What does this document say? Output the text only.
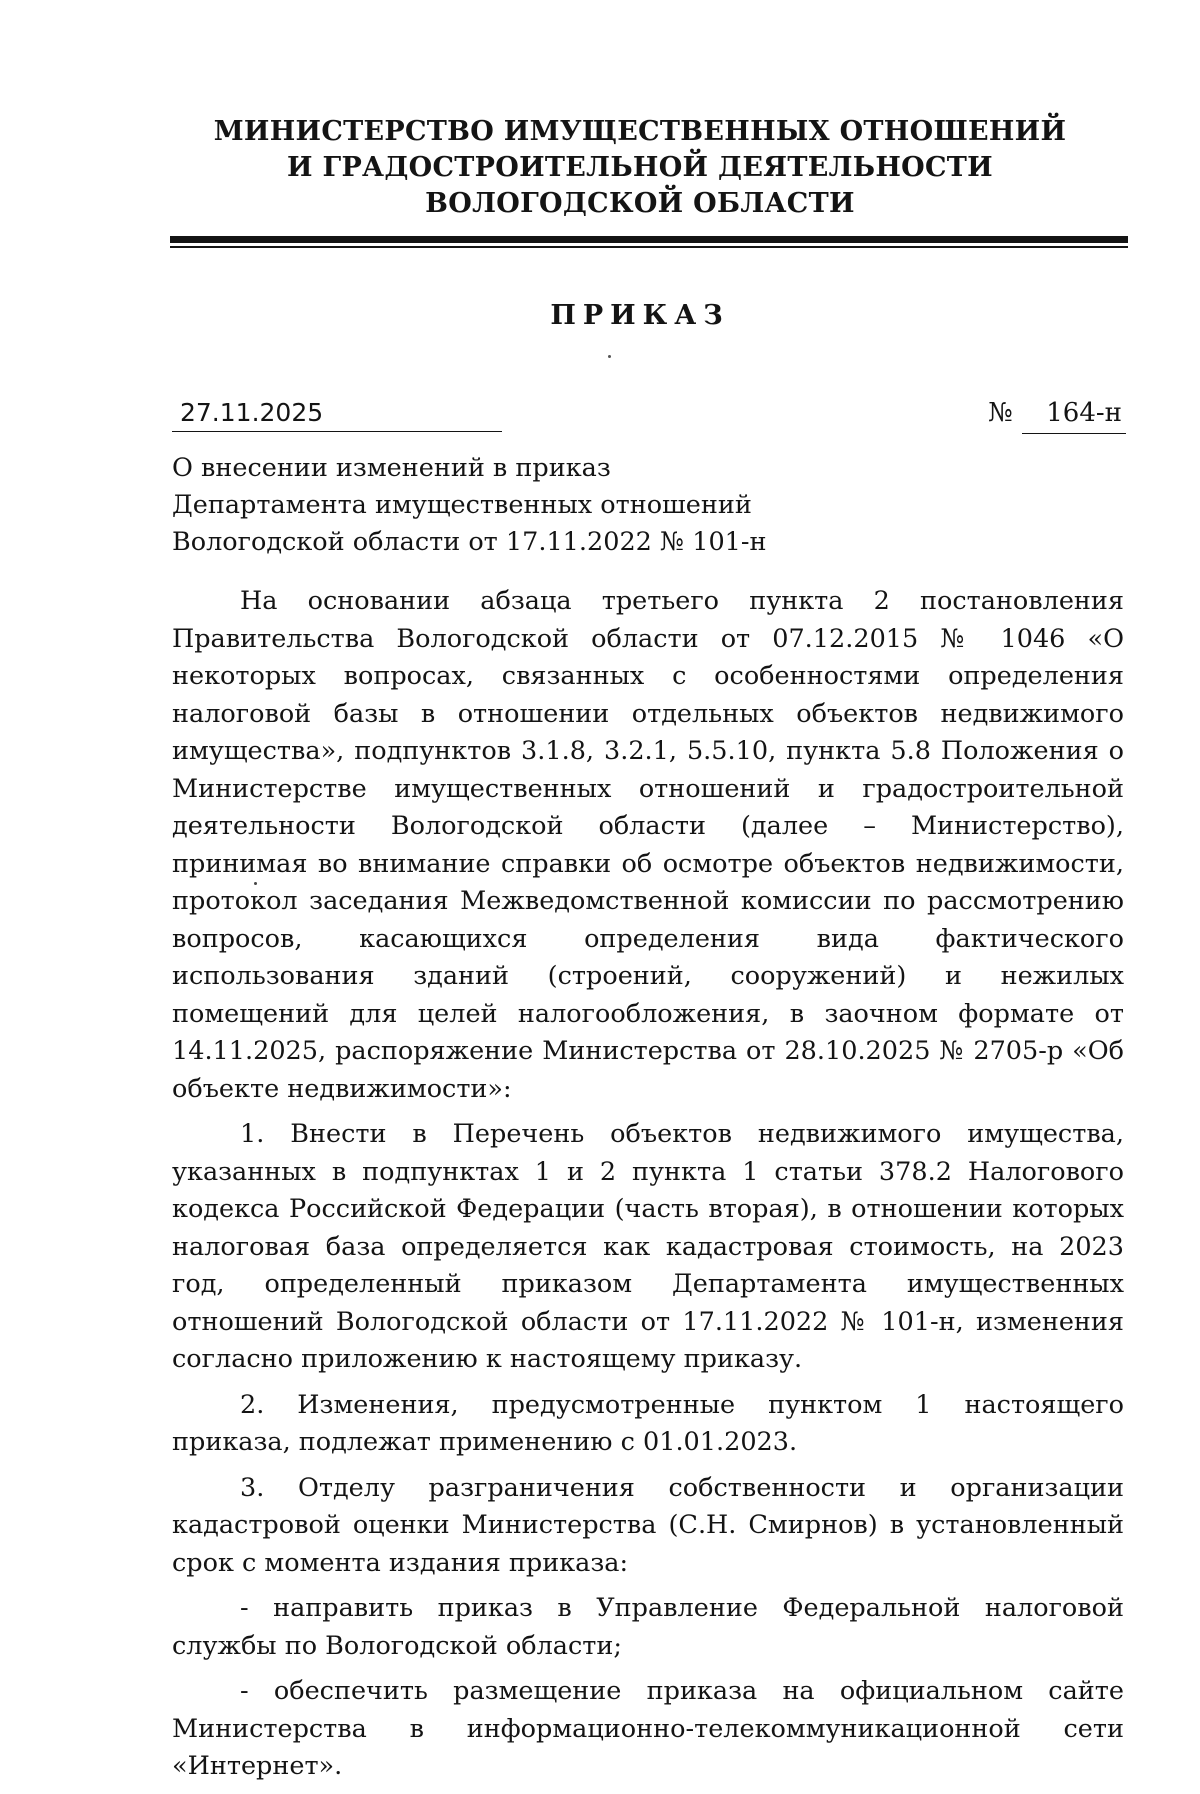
МИНИСТЕРСТВО ИМУЩЕСТВЕННЫХ ОТНОШЕНИЙ
И ГРАДОСТРОИТЕЛЬНОЙ ДЕЯТЕЛЬНОСТИ
ВОЛОГОДСКОЙ ОБЛАСТИ
ПРИКАЗ
27.11.2025	№	164-н
О внесении изменений в приказ
Департамента имущественных отношений
Вологодской области от 17.11.2022 № 101-н

На основании абзаца третьего пункта 2 постановления Правительства Вологодской области от 07.12.2015 № 1046 «О некоторых вопросах, связанных с особенностями определения налоговой базы в отношении отдельных объектов недвижимого имущества», подпунктов 3.1.8, 3.2.1, 5.5.10, пункта 5.8 Положения о Министерстве имущественных отношений и градостроительной деятельности Вологодской области (далее – Министерство), принимая во внимание справки об осмотре объектов недвижимости, протокол заседания Межведомственной комиссии по рассмотрению вопросов, касающихся определения вида фактического использования зданий (строений, сооружений) и нежилых помещений для целей налогообложения, в заочном формате от 14.11.2025, распоряжение Министерства от 28.10.2025 № 2705-р «Об объекте недвижимости»:

1. Внести в Перечень объектов недвижимого имущества, указанных в подпунктах 1 и 2 пункта 1 статьи 378.2 Налогового кодекса Российской Федерации (часть вторая), в отношении которых налоговая база определяется как кадастровая стоимость, на 2023 год, определенный приказом Департамента имущественных отношений Вологодской области от 17.11.2022 № 101-н, изменения согласно приложению к настоящему приказу.

2. Изменения, предусмотренные пунктом 1 настоящего приказа, подлежат применению с 01.01.2023.

3. Отделу разграничения собственности и организации кадастровой оценки Министерства (С.Н. Смирнов) в установленный срок с момента издания приказа:

- направить приказ в Управление Федеральной налоговой службы по Вологодской области;

- обеспечить размещение приказа на официальном сайте Министерства в информационно-телекоммуникационной сети «Интернет».
